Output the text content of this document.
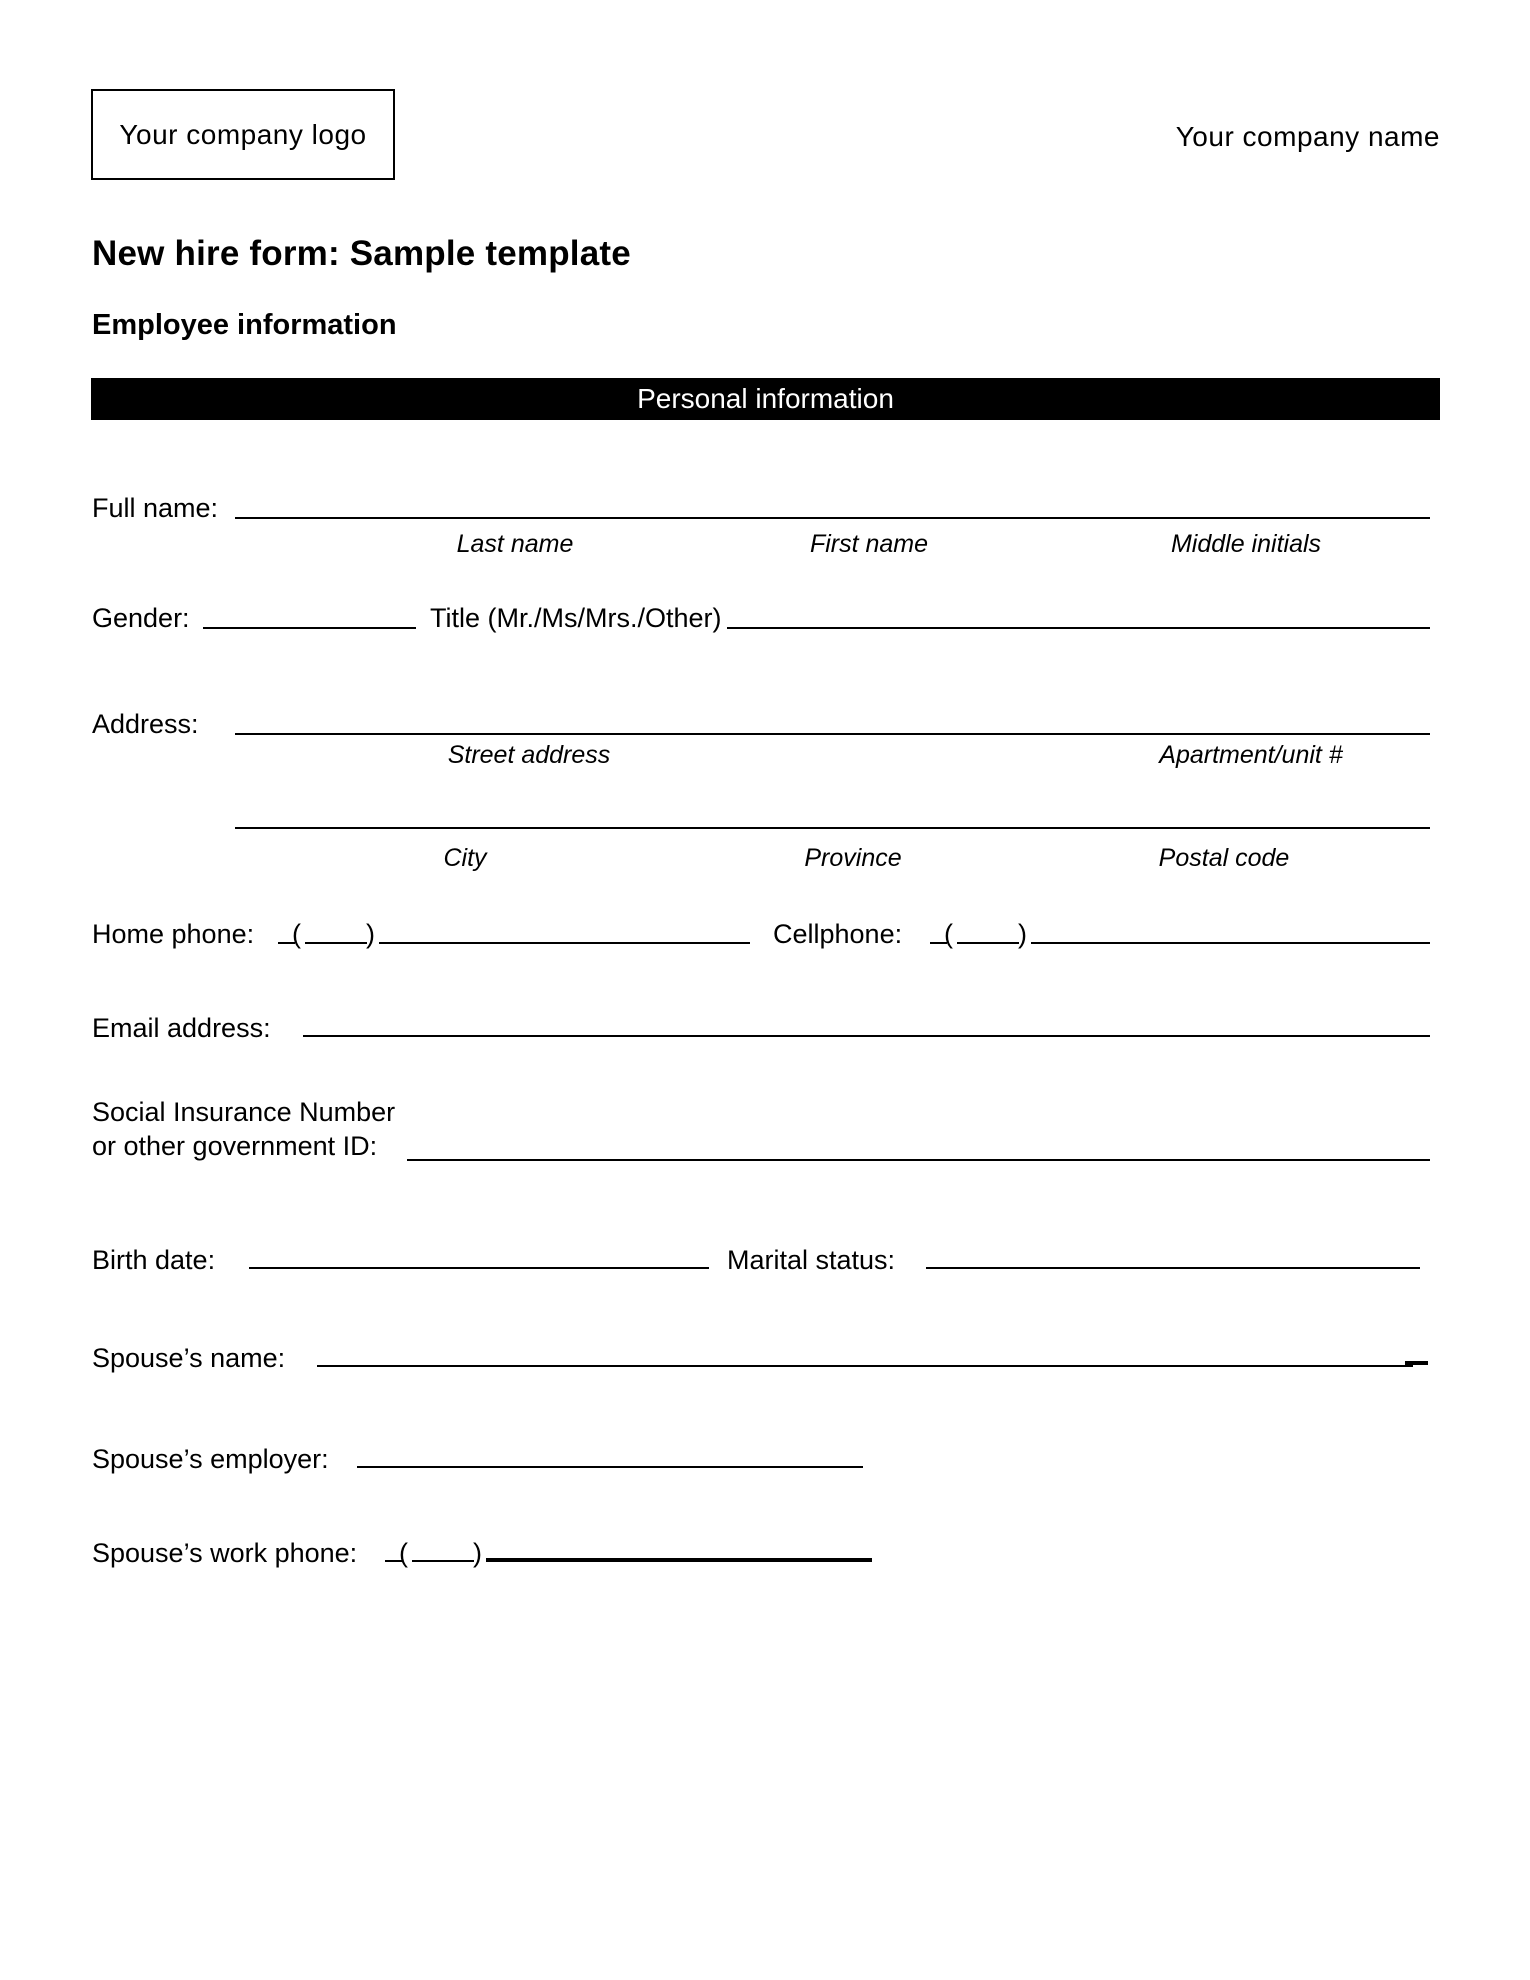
Your company logo	Your company name
New hire form: Sample template
Employee information
Personal information
Full name:
Last name	First name	Middle initials
Gender:	Title (Mr./Ms/Mrs./Other)
Address:
Street address	Apartment/unit #
City	Province	Postal code
Home phone: ( )	Cellphone: ( )
Email address:
Social Insurance Number
or other government ID:
Birth date:	Marital status:
Spouse’s name:
Spouse’s employer:
Spouse’s work phone: ( )
